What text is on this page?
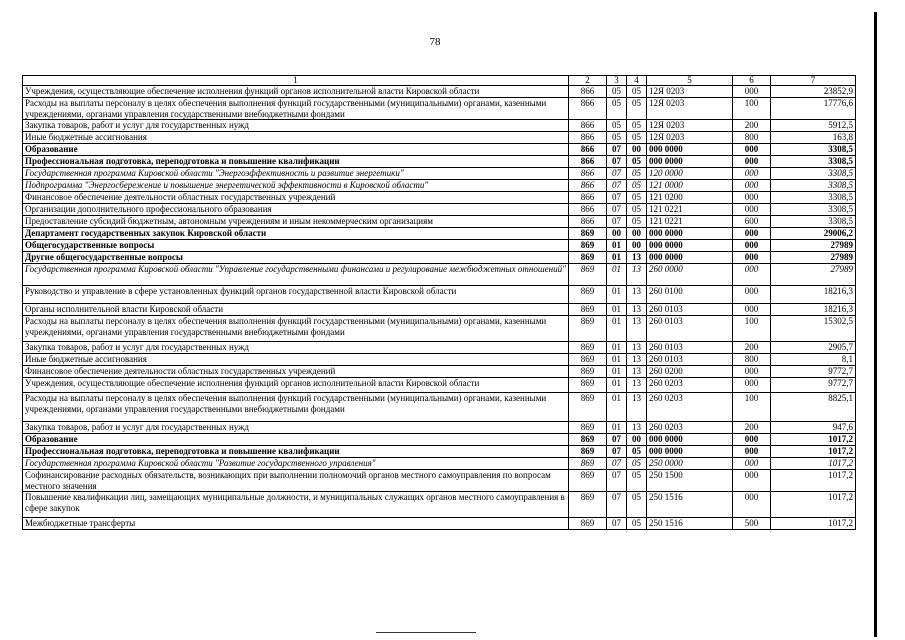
78
1	2	3	4	5	6	7
Учреждения, осуществляющие обеспечение исполнения функций органов исполнительной власти Кировской области	866	05	05	12Я 0203	000	23852,9
Расходы на выплаты персоналу в целях обеспечения выполнения функций государственными (муниципальными) органами, казенными учреждениями, органами управления государственными внебюджетными фондами	866	05	05	12Я 0203	100	17776,6
Закупка товаров, работ и услуг для государственных нужд	866	05	05	12Я 0203	200	5912,5
Иные бюджетные ассигнования	866	05	05	12Я 0203	800	163,8
Образование	866	07	00	000 0000	000	3308,5
Профессиональная подготовка, переподготовка и повышение квалификации	866	07	05	000 0000	000	3308,5
Государственная программа Кировской области "Энергоэффективность и развитие энергетики"	866	07	05	120 0000	000	3308,5
Подпрограмма "Энергосбережение и повышение энергетической эффективности в Кировской области"	866	07	05	121 0000	000	3308,5
Финансовое обеспечение деятельности областных государственных учреждений	866	07	05	121 0200	000	3308,5
Организации дополнительного профессионального образования	866	07	05	121 0221	000	3308,5
Предоставление субсидий бюджетным, автономным учреждениям и иным некоммерческим организациям	866	07	05	121 0221	600	3308,5
Департамент государственных закупок Кировской области	869	00	00	000 0000	000	29006,2
Общегосударственные вопросы	869	01	00	000 0000	000	27989
Другие общегосударственные вопросы	869	01	13	000 0000	000	27989
Государственная программа Кировской области "Управление государственными финансами и регулирование межбюджетных отношений"	869	01	13	260 0000	000	27989
Руководство и управление в сфере установленных функций органов государственной власти Кировской области	869	01	13	260 0100	000	18216,3
Органы исполнительной власти Кировской области	869	01	13	260 0103	000	18216,3
Расходы на выплаты персоналу в целях обеспечения выполнения функций государственными (муниципальными) органами, казенными учреждениями, органами управления государственными внебюджетными фондами	869	01	13	260 0103	100	15302,5
Закупка товаров, работ и услуг для государственных нужд	869	01	13	260 0103	200	2905,7
Иные бюджетные ассигнования	869	01	13	260 0103	800	8,1
Финансовое обеспечение деятельности областных государственных учреждений	869	01	13	260 0200	000	9772,7
Учреждения, осуществляющие обеспечение исполнения функций органов исполнительной власти Кировской области	869	01	13	260 0203	000	9772,7
Расходы на выплаты персоналу в целях обеспечения выполнения функций государственными (муниципальными) органами, казенными учреждениями, органами управления государственными внебюджетными фондами	869	01	13	260 0203	100	8825,1
Закупка товаров, работ и услуг для государственных нужд	869	01	13	260 0203	200	947,6
Образование	869	07	00	000 0000	000	1017,2
Профессиональная подготовка, переподготовка и повышение квалификации	869	07	05	000 0000	000	1017,2
Государственная программа Кировской области "Развитие государственного управления"	869	07	05	250 0000	000	1017,2
Софинансирование расходных обязательств, возникающих при выполнении полномочий органов местного самоуправления по вопросам местного значения	869	07	05	250 1500	000	1017,2
Повышение квалификации лиц, замещающих муниципальные должности, и муниципальных служащих органов местного самоуправления в сфере закупок	869	07	05	250 1516	000	1017,2
Межбюджетные трансферты	869	07	05	250 1516	500	1017,2
